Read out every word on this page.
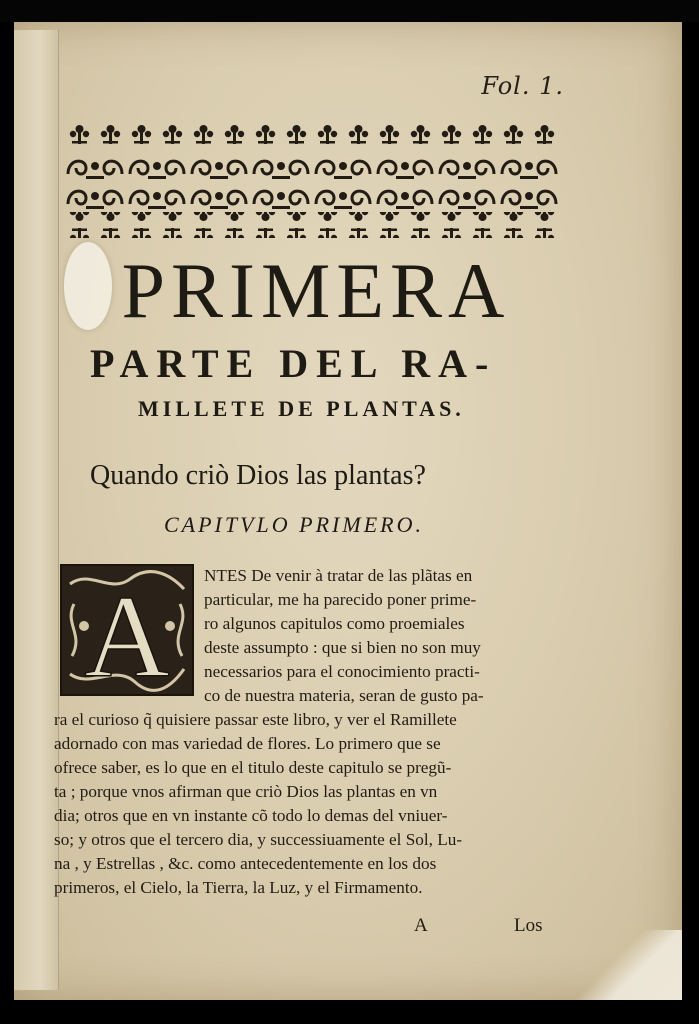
Fol. 1.
PRIMERA
PARTE DEL RA-
MILLETE DE PLANTAS.

Quando criò Dios las plantas?

CAPITVLO PRIMERO.

A NTES De venir à tratar de las plãtas en
particular, me ha parecido poner prime-
ro algunos capitulos como proemiales
deste assumpto : que si bien no son muy
necessarios para el conocimiento practi-
co de nuestra materia, seran de gusto pa-
ra el curioso q̃ quisiere passar este libro, y ver el Ramillete
adornado con mas variedad de flores. Lo primero que se
ofrece saber, es lo que en el titulo deste capitulo se pregũ-
ta ; porque vnos afirman que criò Dios las plantas en vn
dia; otros que en vn instante cõ todo lo demas del vniuer-
so; y otros que el tercero dia, y successiuamente el Sol, Lu-
na , y Estrellas , &c. como antecedentemente en los dos
primeros, el Cielo, la Tierra, la Luz, y el Firmamento.
A	Los
